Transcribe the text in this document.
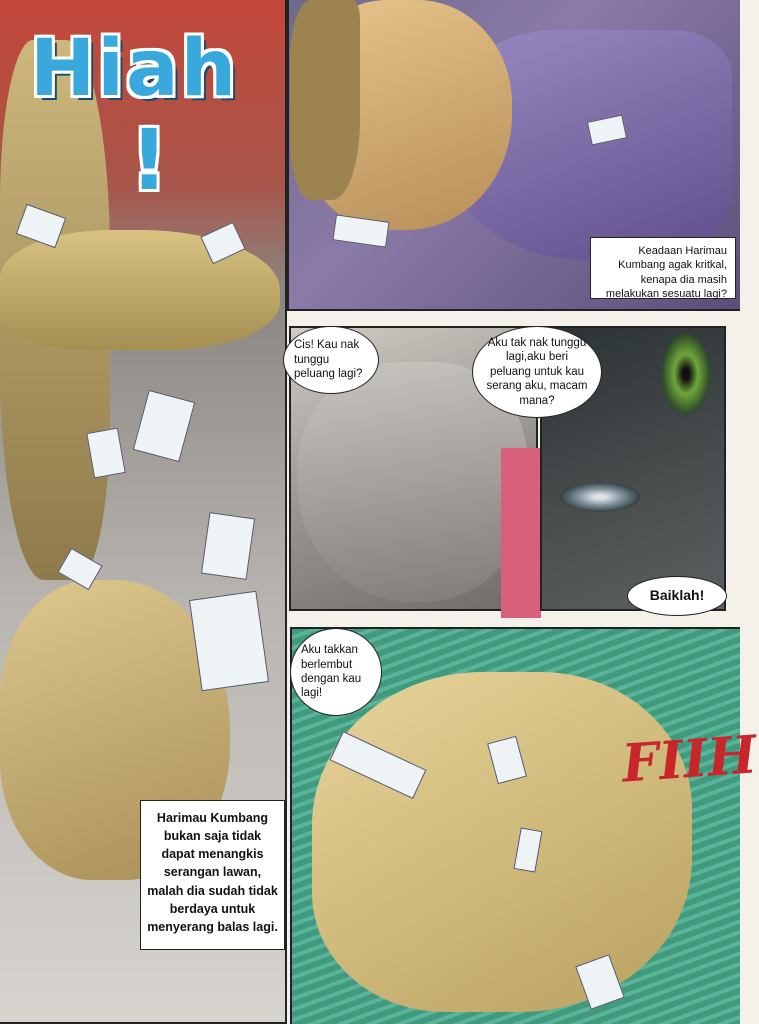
Hiah
!
Harimau Kumbang bukan saja tidak dapat menangkis serangan lawan, malah dia sudah tidak berdaya untuk menyerang balas lagi.
Keadaan Harimau Kumbang agak kritkal, kenapa dia masih melakukan sesuatu lagi?
FIIH
Cis! Kau nak tunggu peluang lagi?
Aku tak nak tunggu lagi,aku beri peluang untuk kau serang aku, macam mana?
Baiklah!
Aku takkan berlembut dengan kau lagi!
